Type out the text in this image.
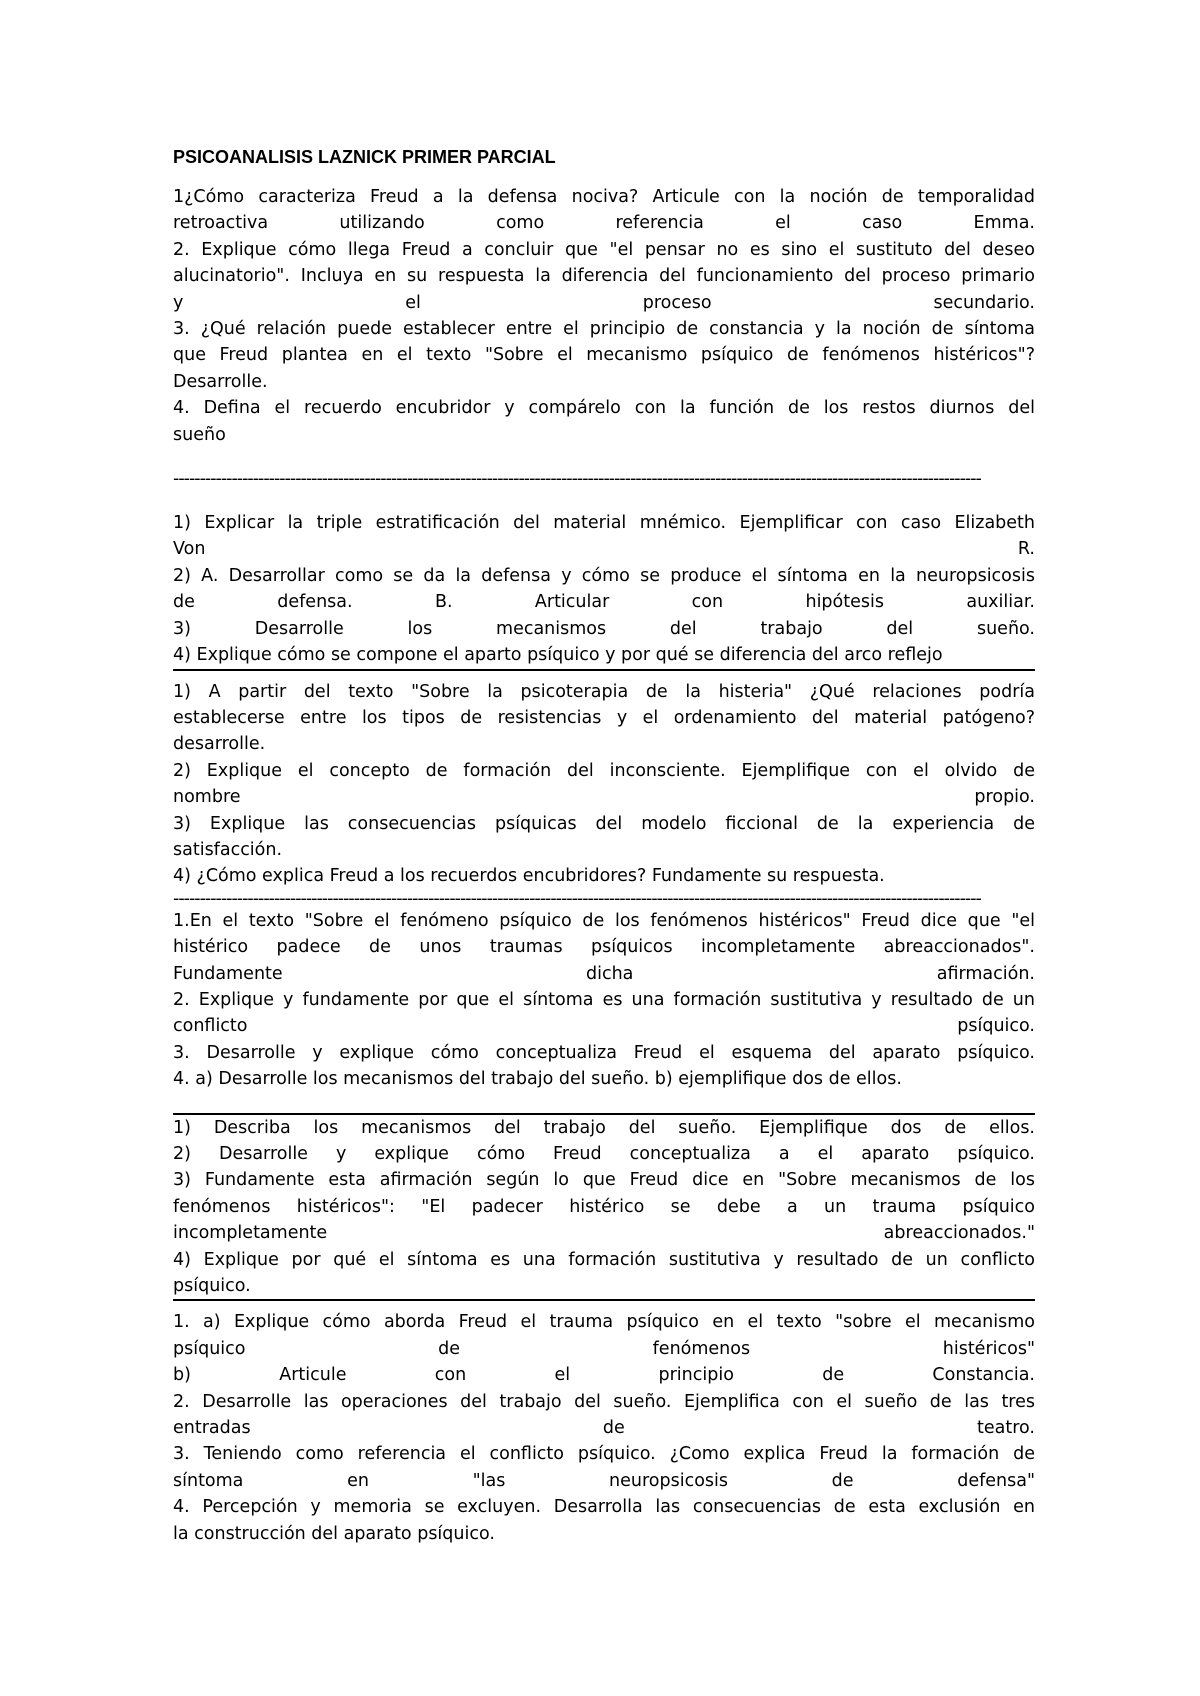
PSICOANALISIS LAZNICK PRIMER PARCIAL
1¿Cómo caracteriza Freud a la defensa nociva? Articule con la noción de temporalidad
retroactiva utilizando como referencia el caso Emma.
2. Explique cómo llega Freud a concluir que "el pensar no es sino el sustituto del deseo
alucinatorio". Incluya en su respuesta la diferencia del funcionamiento del proceso primario
y el proceso secundario.
3. ¿Qué relación puede establecer entre el principio de constancia y la noción de síntoma
que Freud plantea en el texto "Sobre el mecanismo psíquico de fenómenos histéricos"?
Desarrolle.
4. Defina el recuerdo encubridor y compárelo con la función de los restos diurnos del
sueño
--------------------------------------------------------------------------------------------------------------------------------------------------------
1) Explicar la triple estratificación del material mnémico. Ejemplificar con caso Elizabeth
Von R.
2) A. Desarrollar como se da la defensa y cómo se produce el síntoma en la neuropsicosis
de defensa. B. Articular con hipótesis auxiliar.
3) Desarrolle los mecanismos del trabajo del sueño.
4) Explique cómo se compone el aparto psíquico y por qué se diferencia del arco reflejo
1) A partir del texto "Sobre la psicoterapia de la histeria" ¿Qué relaciones podría
establecerse entre los tipos de resistencias y el ordenamiento del material patógeno?
desarrolle.
2) Explique el concepto de formación del inconsciente. Ejemplifique con el olvido de
nombre propio.
3) Explique las consecuencias psíquicas del modelo ficcional de la experiencia de
satisfacción.
4) ¿Cómo explica Freud a los recuerdos encubridores? Fundamente su respuesta.
--------------------------------------------------------------------------------------------------------------------------------------------------------
1.En el texto "Sobre el fenómeno psíquico de los fenómenos histéricos" Freud dice que "el
histérico padece de unos traumas psíquicos incompletamente abreaccionados".
Fundamente dicha afirmación.
2. Explique y fundamente por que el síntoma es una formación sustitutiva y resultado de un
conflicto psíquico.
3. Desarrolle y explique cómo conceptualiza Freud el esquema del aparato psíquico.
4. a) Desarrolle los mecanismos del trabajo del sueño. b) ejemplifique dos de ellos.
1) Describa los mecanismos del trabajo del sueño. Ejemplifique dos de ellos.
2) Desarrolle y explique cómo Freud conceptualiza a el aparato psíquico.
3) Fundamente esta afirmación según lo que Freud dice en "Sobre mecanismos de los
fenómenos histéricos": "El padecer histérico se debe a un trauma psíquico
incompletamente abreaccionados."
4) Explique por qué el síntoma es una formación sustitutiva y resultado de un conflicto
psíquico.
1. a) Explique cómo aborda Freud el trauma psíquico en el texto "sobre el mecanismo
psíquico de fenómenos histéricos"
b) Articule con el principio de Constancia.
2. Desarrolle las operaciones del trabajo del sueño. Ejemplifica con el sueño de las tres
entradas de teatro.
3. Teniendo como referencia el conflicto psíquico. ¿Como explica Freud la formación de
síntoma en "las neuropsicosis de defensa"
4. Percepción y memoria se excluyen. Desarrolla las consecuencias de esta exclusión en
la construcción del aparato psíquico.
